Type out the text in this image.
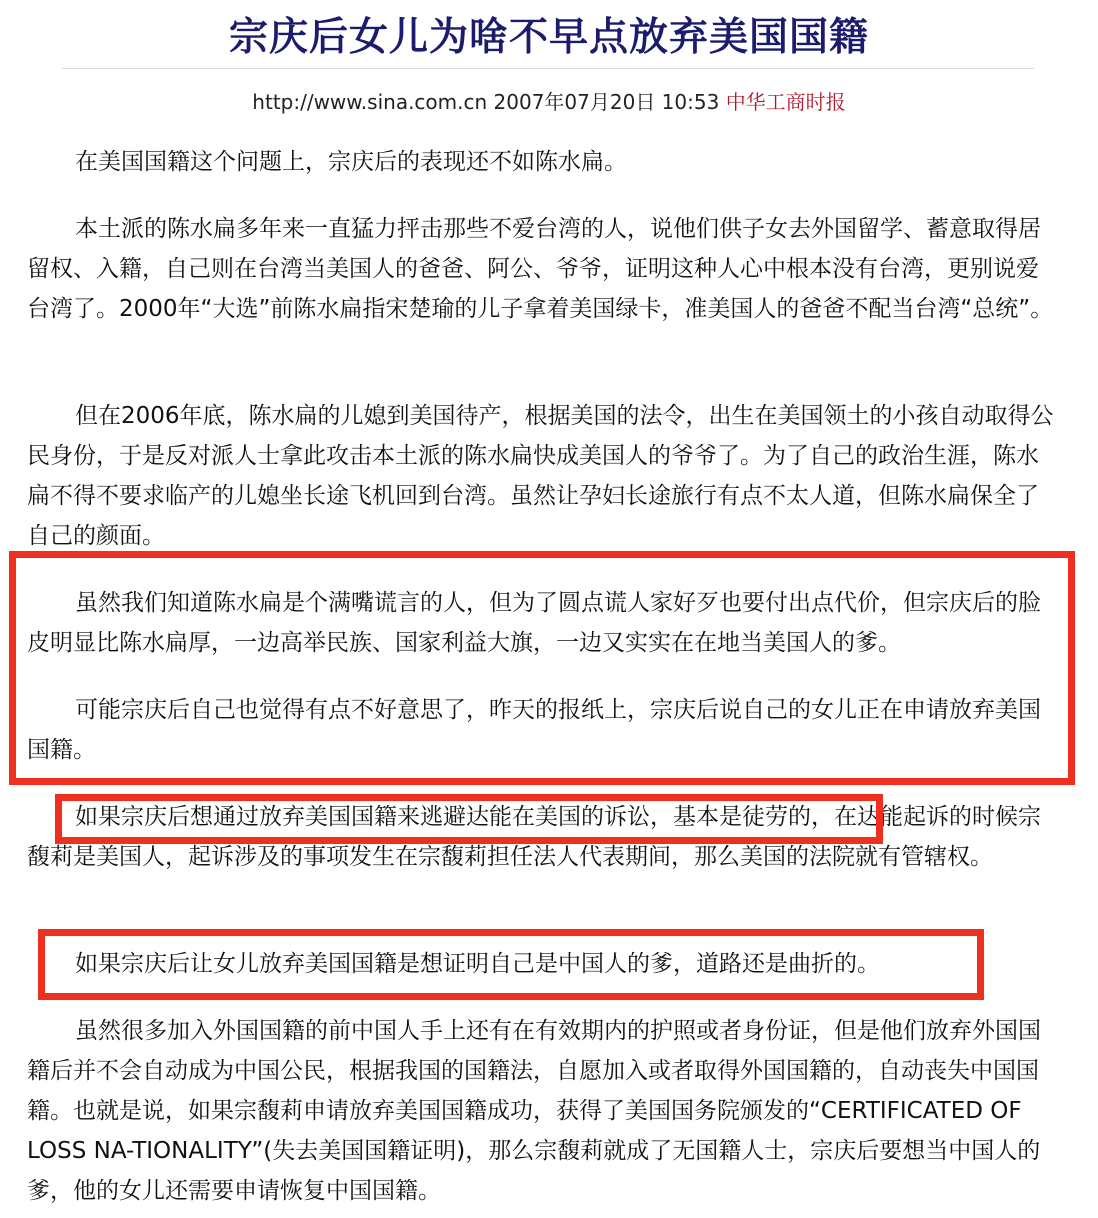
宗庆后女儿为啥不早点放弃美国国籍
http://www.sina.com.cn 2007年07月20日 10:53 中华工商时报

在美国国籍这个问题上，宗庆后的表现还不如陈水扁。

本土派的陈水扁多年来一直猛力抨击那些不爱台湾的人，说他们供子女去外国留学、蓄意取得居留权、入籍，自己则在台湾当美国人的爸爸、阿公、爷爷，证明这种人心中根本没有台湾，更别说爱台湾了。2000年“大选”前陈水扁指宋楚瑜的儿子拿着美国绿卡，准美国人的爸爸不配当台湾“总统”。

但在2006年底，陈水扁的儿媳到美国待产，根据美国的法令，出生在美国领土的小孩自动取得公民身份，于是反对派人士拿此攻击本土派的陈水扁快成美国人的爷爷了。为了自己的政治生涯，陈水扁不得不要求临产的儿媳坐长途飞机回到台湾。虽然让孕妇长途旅行有点不太人道，但陈水扁保全了自己的颜面。

虽然我们知道陈水扁是个满嘴谎言的人，但为了圆点谎人家好歹也要付出点代价，但宗庆后的脸皮明显比陈水扁厚，一边高举民族、国家利益大旗，一边又实实在在地当美国人的爹。

可能宗庆后自己也觉得有点不好意思了，昨天的报纸上，宗庆后说自己的女儿正在申请放弃美国国籍。

如果宗庆后想通过放弃美国国籍来逃避达能在美国的诉讼，基本是徒劳的，在达能起诉的时候宗馥莉是美国人，起诉涉及的事项发生在宗馥莉担任法人代表期间，那么美国的法院就有管辖权。

如果宗庆后让女儿放弃美国国籍是想证明自己是中国人的爹，道路还是曲折的。

虽然很多加入外国国籍的前中国人手上还有在有效期内的护照或者身份证，但是他们放弃外国国籍后并不会自动成为中国公民，根据我国的国籍法，自愿加入或者取得外国国籍的，自动丧失中国国籍。也就是说，如果宗馥莉申请放弃美国国籍成功，获得了美国国务院颁发的“CERTIFICATED OF LOSS NA-TIONALITY”(失去美国国籍证明)，那么宗馥莉就成了无国籍人士，宗庆后要想当中国人的爹，他的女儿还需要申请恢复中国国籍。
